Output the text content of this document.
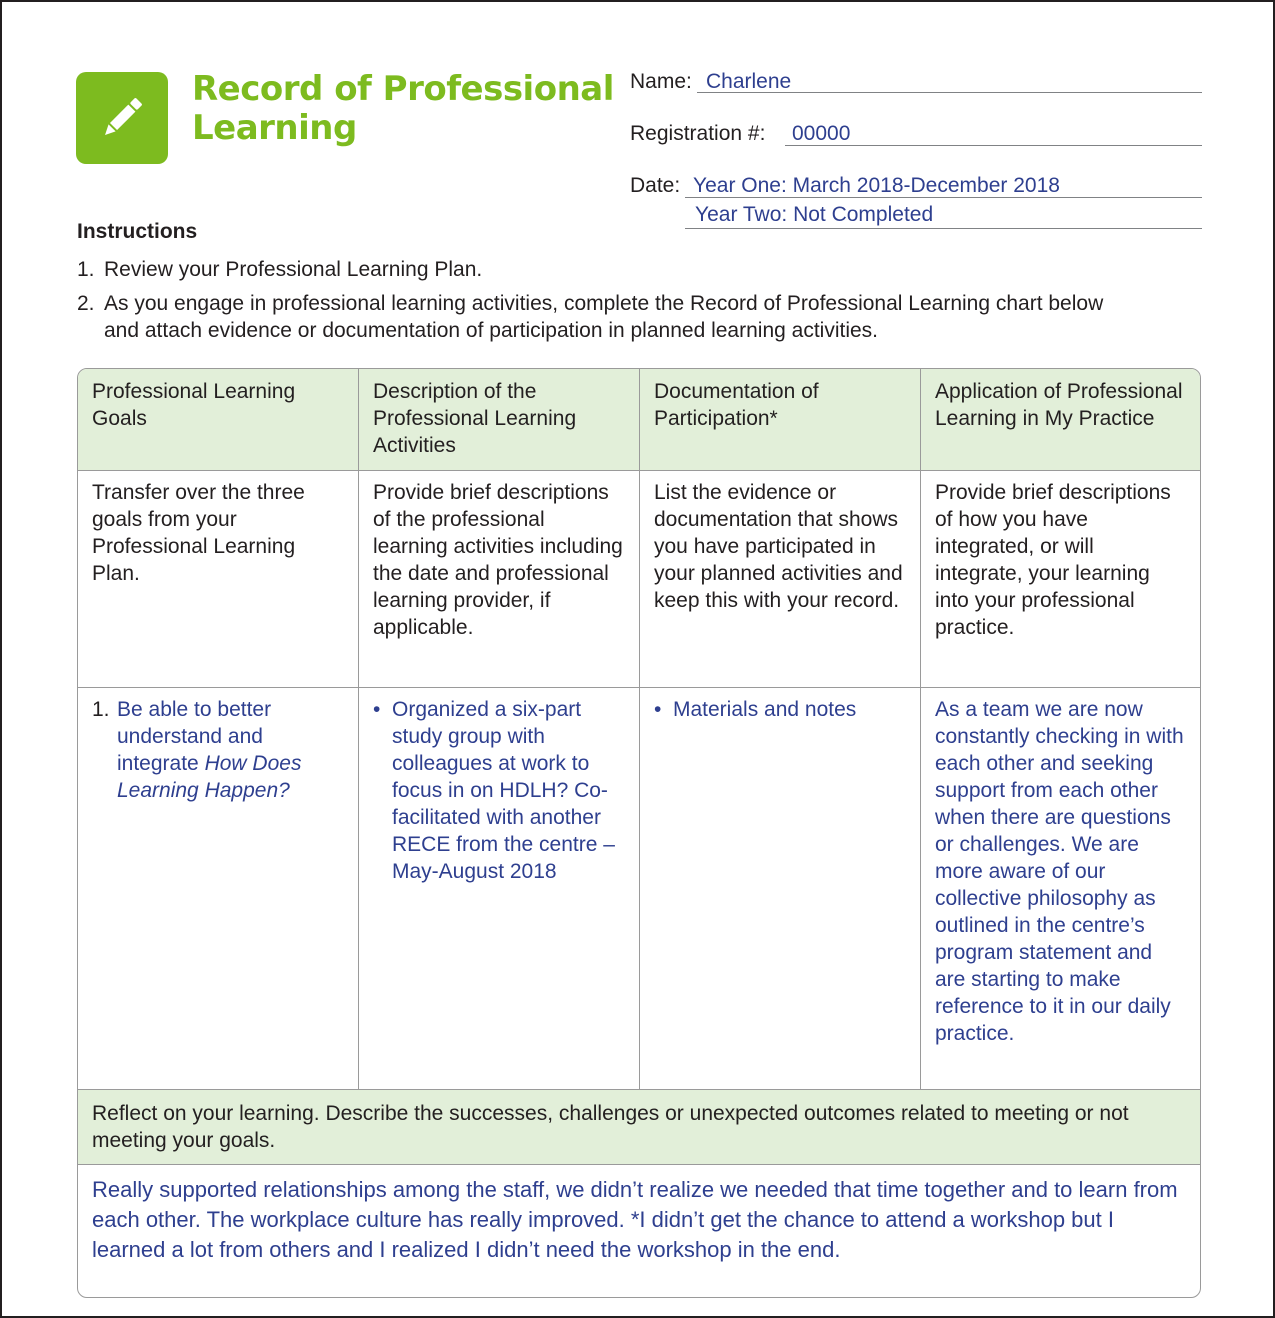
Record of Professional
Learning
Name: Charlene
Registration #: 00000
Date: Year One: March 2018-December 2018
Year Two: Not Completed
Instructions
1. Review your Professional Learning Plan.
2. As you engage in professional learning activities, complete the Record of Professional Learning chart below and attach evidence or documentation of participation in planned learning activities.
Professional Learning Goals
Description of the Professional Learning Activities
Documentation of Participation*
Application of Professional Learning in My Practice
Transfer over the three goals from your Professional Learning Plan.
Provide brief descriptions of the professional learning activities including the date and professional learning provider, if applicable.
List the evidence or documentation that shows you have participated in your planned activities and keep this with your record.
Provide brief descriptions of how you have integrated, or will integrate, your learning into your professional practice.
1. Be able to better understand and integrate How Does Learning Happen?
• Organized a six-part study group with colleagues at work to focus in on HDLH? Co-facilitated with another RECE from the centre – May-August 2018
• Materials and notes	As a team we are now constantly checking in with each other and seeking support from each other when there are questions or challenges. We are more aware of our collective philosophy as outlined in the centre’s program statement and are starting to make reference to it in our daily practice.
Reflect on your learning. Describe the successes, challenges or unexpected outcomes related to meeting or not meeting your goals.
Really supported relationships among the staff, we didn’t realize we needed that time together and to learn from each other. The workplace culture has really improved. *I didn’t get the chance to attend a workshop but I learned a lot from others and I realized I didn’t need the workshop in the end.
